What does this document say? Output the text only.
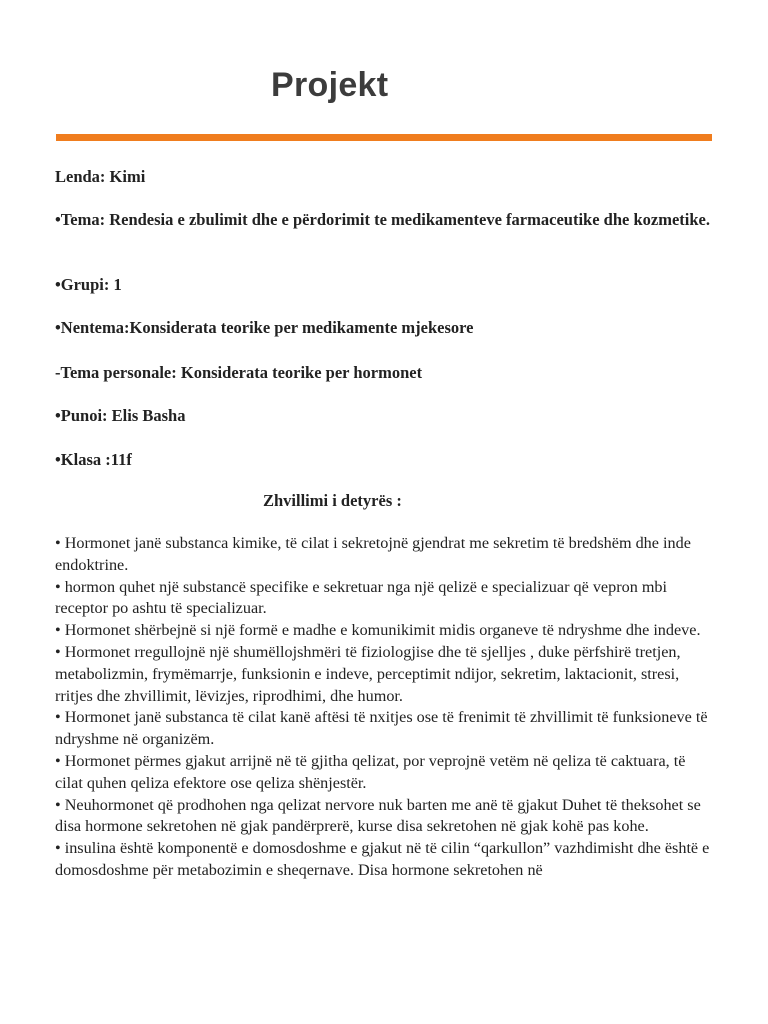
Projekt
Lenda: Kimi
•Tema: Rendesia e zbulimit dhe e përdorimit te medikamenteve farmaceutike dhe kozmetike.
•Grupi: 1
•Nentema:Konsiderata teorike per medikamente mjekesore
-Tema personale: Konsiderata teorike per hormonet
•Punoi: Elis Basha
•Klasa :11f
Zhvillimi i detyrës :

• Hormonet janë substanca kimike, të cilat i sekretojnë gjendrat me sekretim të bredshëm dhe inde endoktrine.

• hormon quhet një substancë specifike e sekretuar nga një qelizë e specializuar që vepron mbi receptor po ashtu të specializuar.

• Hormonet shërbejnë si një formë e madhe e komunikimit midis organeve të ndryshme dhe indeve.

• Hormonet rregullojnë një shumëllojshmëri të fiziologjise dhe të sjelljes , duke përfshirë tretjen, metabolizmin, frymëmarrje, funksionin e indeve, perceptimit ndijor, sekretim, laktacionit, stresi, rritjes dhe zhvillimit, lëvizjes, riprodhimi, dhe humor.

• Hormonet janë substanca të cilat kanë aftësi të nxitjes ose të frenimit të zhvillimit të funksioneve të ndryshme në organizëm.

• Hormonet përmes gjakut arrijnë në të gjitha qelizat, por veprojnë vetëm në qeliza të caktuara, të cilat quhen qeliza efektore ose qeliza shënjestër.

• Neuhormonet që prodhohen nga qelizat nervore nuk barten me anë të gjakut Duhet të theksohet se disa hormone sekretohen në gjak pandërprerë, kurse disa sekretohen në gjak kohë pas kohe.

• insulina është komponentë e domosdoshme e gjakut në të cilin “qarkullon” vazhdimisht dhe është e domosdoshme për metabozimin e sheqernave. Disa hormone sekretohen në
